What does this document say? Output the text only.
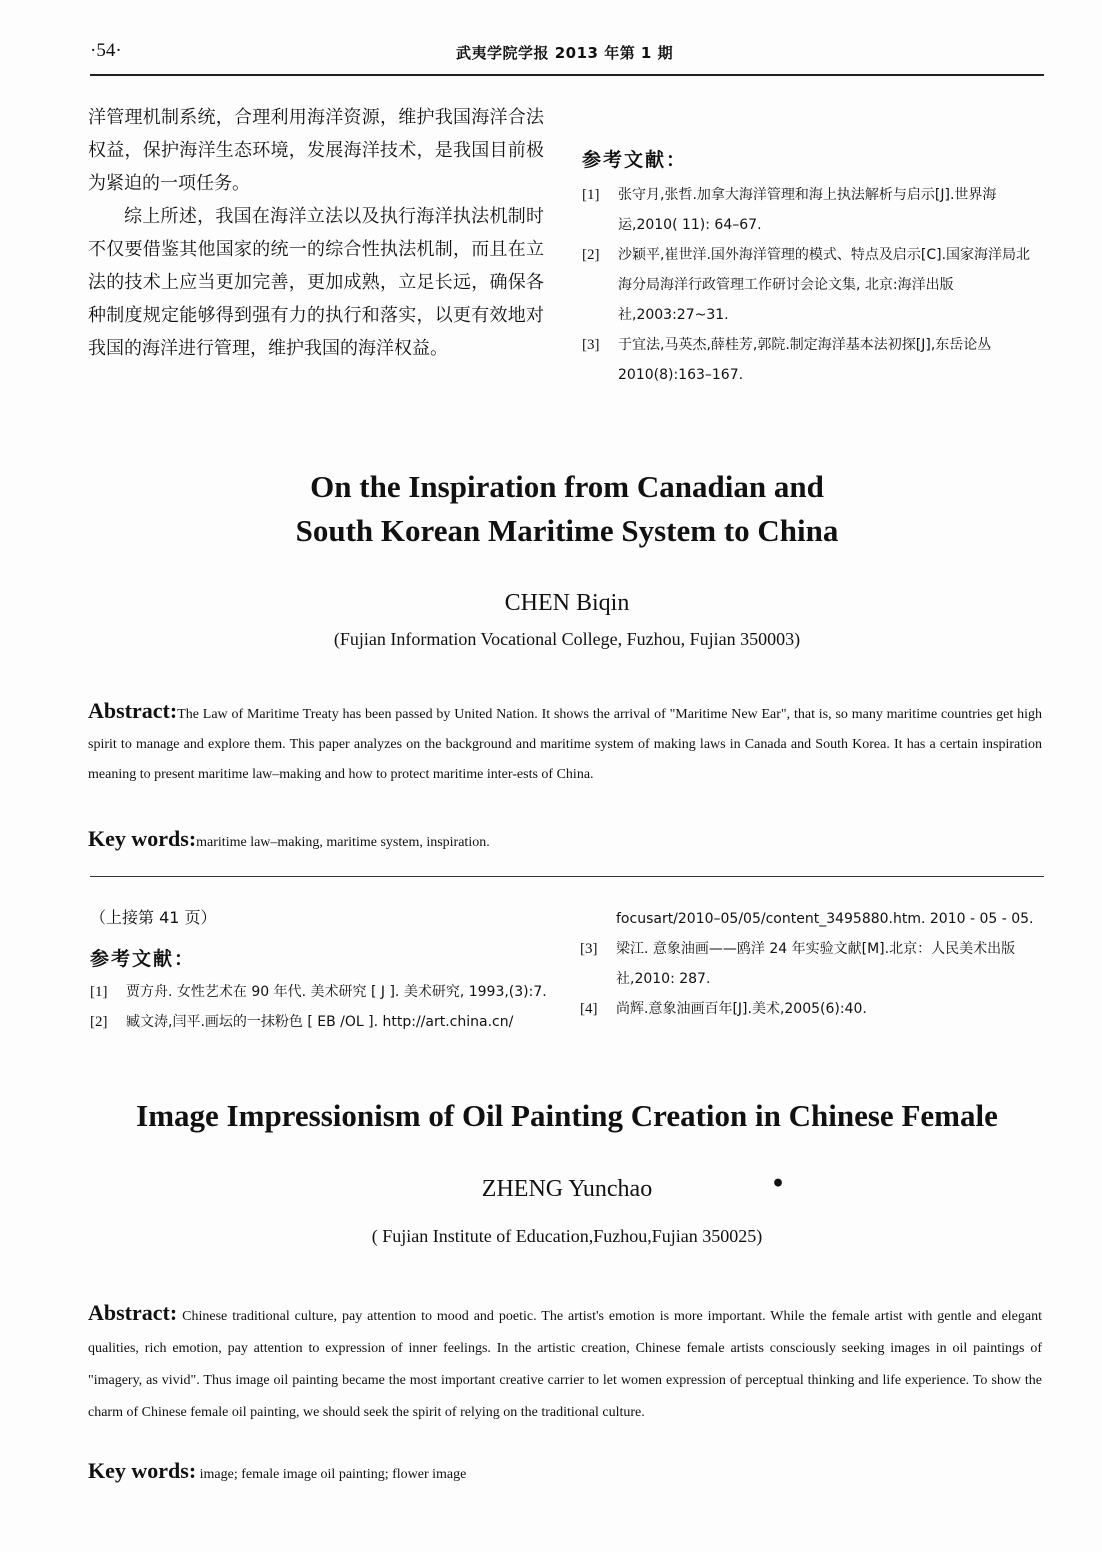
·54·	武夷学院学报 2013 年第 1 期

洋管理机制系统，合理利用海洋资源，维护我国海洋合法权益，保护海洋生态环境，发展海洋技术，是我国目前极为紧迫的一项任务。

综上所述，我国在海洋立法以及执行海洋执法机制时不仅要借鉴其他国家的统一的综合性执法机制，而且在立法的技术上应当更加完善，更加成熟，立足长远，确保各种制度规定能够得到强有力的执行和落实，以更有效地对我国的海洋进行管理，维护我国的海洋权益。

参考文献：
[1] 张守月,张哲.加拿大海洋管理和海上执法解析与启示[J].世界海运,2010( 11): 64–67.
[2] 沙颖平,崔世洋.国外海洋管理的模式、特点及启示[C].国家海洋局北海分局海洋行政管理工作研讨会论文集, 北京:海洋出版社,2003:27~31.
[3] 于宜法,马英杰,薛桂芳,郭院.制定海洋基本法初探[J],东岳论丛 2010(8):163–167.
On the Inspiration from Canadian and
South Korean Maritime System to China
CHEN Biqin
(Fujian Information Vocational College, Fuzhou, Fujian 350003)
Abstract:The Law of Maritime Treaty has been passed by United Nation. It shows the arrival of "Maritime New Ear", that is, so many maritime countries get high spirit to manage and explore them. This paper analyzes on the background and maritime system of making laws in Canada and South Korea. It has a certain inspiration meaning to present maritime law–making and how to protect maritime inter-ests of China.
Key words:maritime law–making, maritime system, inspiration.
（上接第 41 页）
参考文献：
[1] 贾方舟. 女性艺术在 90 年代. 美术研究 [ J ]. 美术研究, 1993,(3):7.
[2] 臧文涛,闫平.画坛的一抹粉色 [ EB /OL ]. http://art.china.cn/
focusart/2010–05/05/content_3495880.htm. 2010 - 05 - 05.
[3] 梁江. 意象油画——鸥洋 24 年实验文献[M].北京：人民美术出版社,2010: 287.
[4] 尚辉.意象油画百年[J].美术,2005(6):40.
Image Impressionism of Oil Painting Creation in Chinese Female
ZHENG Yunchao	•
( Fujian Institute of Education,Fuzhou,Fujian 350025)
Abstract: Chinese traditional culture, pay attention to mood and poetic. The artist's emotion is more important. While the female artist with gentle and elegant qualities, rich emotion, pay attention to expression of inner feelings. In the artistic creation, Chinese female artists consciously seeking images in oil paintings of "imagery, as vivid". Thus image oil painting became the most important creative carrier to let women expression of perceptual thinking and life experience. To show the charm of Chinese female oil painting, we should seek the spirit of relying on the traditional culture.
Key words: image; female image oil painting; flower image
